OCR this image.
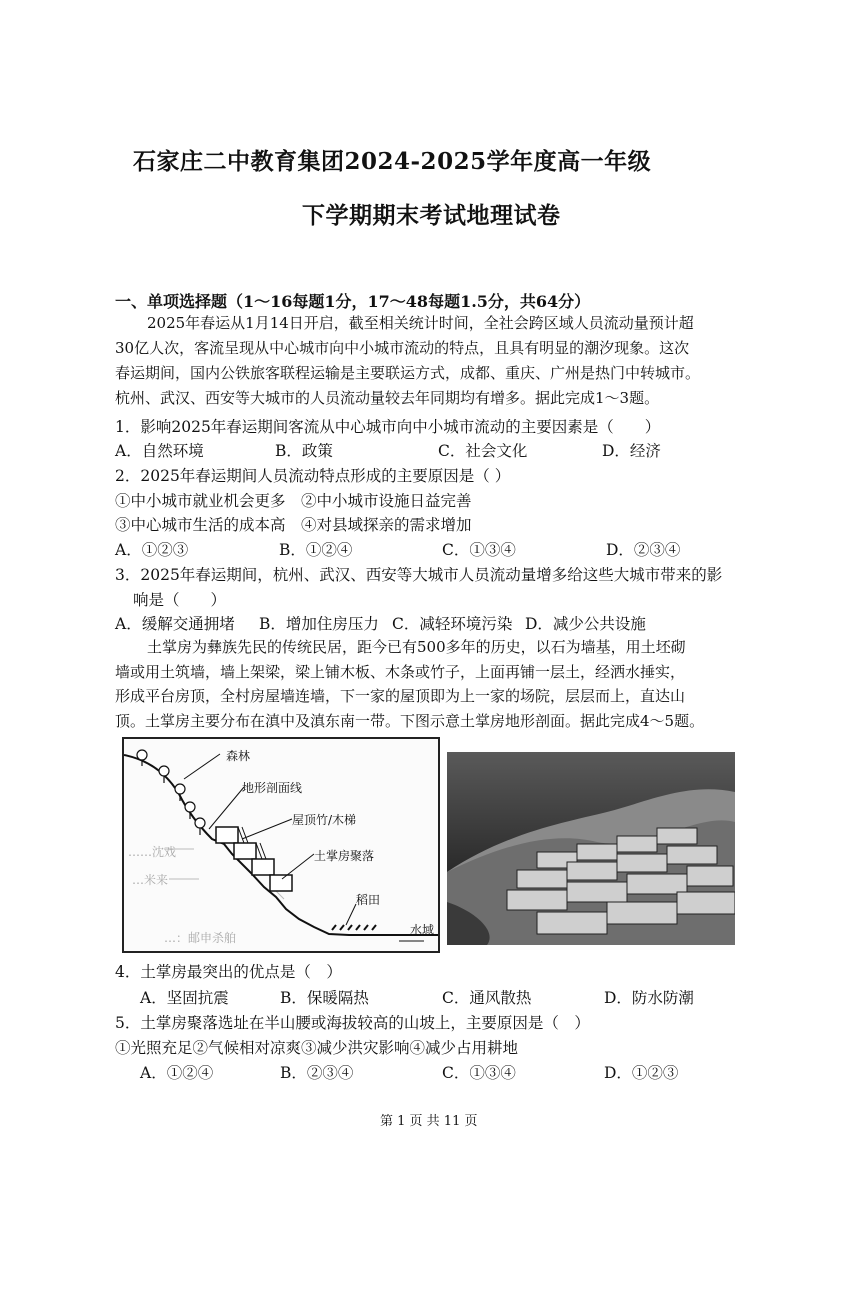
石家庄二中教育集团2024-2025学年度高一年级
下学期期末考试地理试卷
一、单项选择题（1～16每题1分，17～48每题1.5分，共64分）
2025年春运从1月14日开启，截至相关统计时间，全社会跨区域人员流动量预计超
30亿人次，客流呈现从中心城市向中小城市流动的特点，且具有明显的潮汐现象。这次
春运期间，国内公铁旅客联程运输是主要联运方式，成都、重庆、广州是热门中转城市。
杭州、武汉、西安等大城市的人员流动量较去年同期均有增多。据此完成1～3题。
1．影响2025年春运期间客流从中心城市向中小城市流动的主要因素是（　　）
A．自然环境	B．政策	C．社会文化	D．经济
2．2025年春运期间人员流动特点形成的主要原因是（ ）
①中小城市就业机会更多　②中小城市设施日益完善
③中心城市生活的成本高　④对县域探亲的需求增加
A．①②③	B．①②④	C．①③④	D．②③④
3．2025年春运期间，杭州、武汉、西安等大城市人员流动量增多给这些大城市带来的影
响是（　　）
A．缓解交通拥堵	B．增加住房压力 C．减轻环境污染 D．减少公共设施
土掌房为彝族先民的传统民居，距今已有500多年的历史，以石为墙基，用土坯砌
墙或用土筑墙，墙上架梁，梁上铺木板、木条或竹子，上面再铺一层土，经洒水捶实，
形成平台房顶，全村房屋墙连墙，下一家的屋顶即为上一家的场院，层层而上，直达山
顶。土掌房主要分布在滇中及滇东南一带。下图示意土掌房地形剖面。据此完成4～5题。
森林
地形剖面线
屋顶竹/木梯
土掌房聚落
稻田
水域
……沈戏
…米来
…：邮申杀舶
4．土掌房最突出的优点是（　）
A．坚固抗震	B．保暖隔热	C．通风散热	D．防水防潮
5．土掌房聚落选址在半山腰或海拔较高的山坡上，主要原因是（　）
①光照充足②气候相对凉爽③减少洪灾影响④减少占用耕地
A．①②④	B．②③④	C．①③④	D．①②③
第 1 页 共 11 页
